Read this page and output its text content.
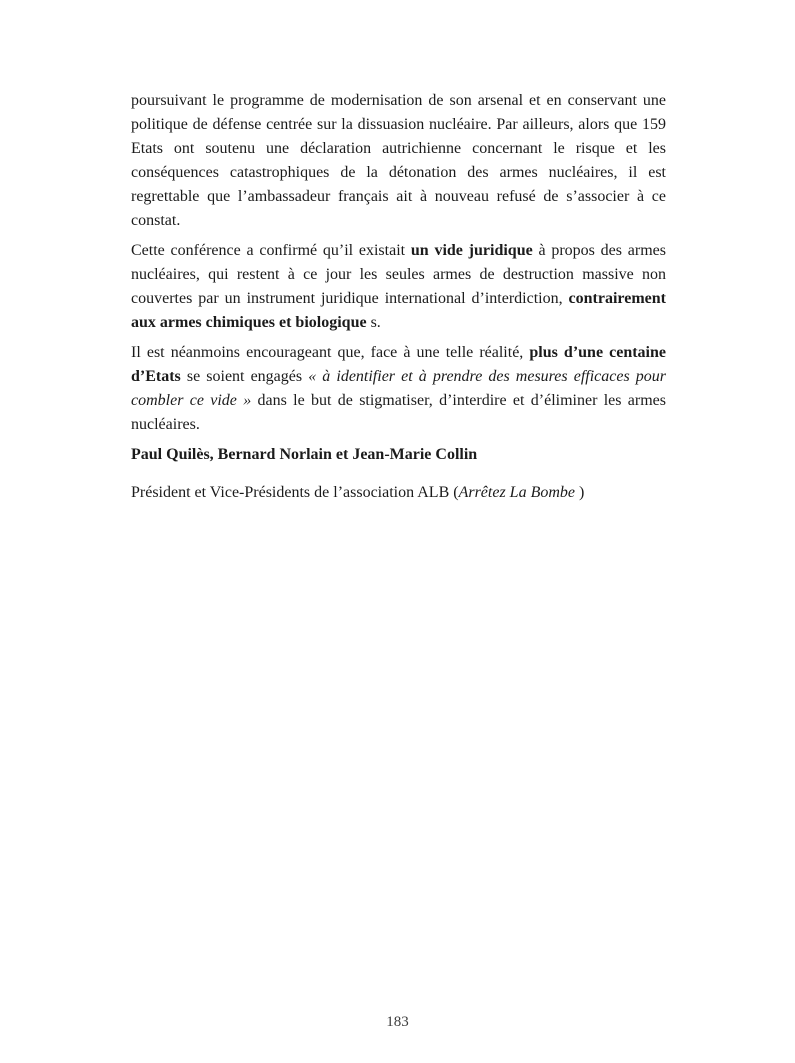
poursuivant le programme de modernisation de son arsenal et en conservant une politique de défense centrée sur la dissuasion nucléaire. Par ailleurs, alors que 159 Etats ont soutenu une déclaration autrichienne concernant le risque et les conséquences catastrophiques de la détonation des armes nucléaires, il est regrettable que l’ambassadeur français ait à nouveau refusé de s’associer à ce constat.

Cette conférence a confirmé qu’il existait un vide juridique à propos des armes nucléaires, qui restent à ce jour les seules armes de destruction massive non couvertes par un instrument juridique international d’interdiction, contrairement aux armes chimiques et biologique s.

Il est néanmoins encourageant que, face à une telle réalité, plus d’une centaine d’Etats se soient engagés « à identifier et à prendre des mesures efficaces pour combler ce vide » dans le but de stigmatiser, d’interdire et d’éliminer les armes nucléaires.

Paul Quilès, Bernard Norlain et Jean-Marie Collin

Président et Vice-Présidents de l’association ALB (Arrêtez La Bombe )

183
